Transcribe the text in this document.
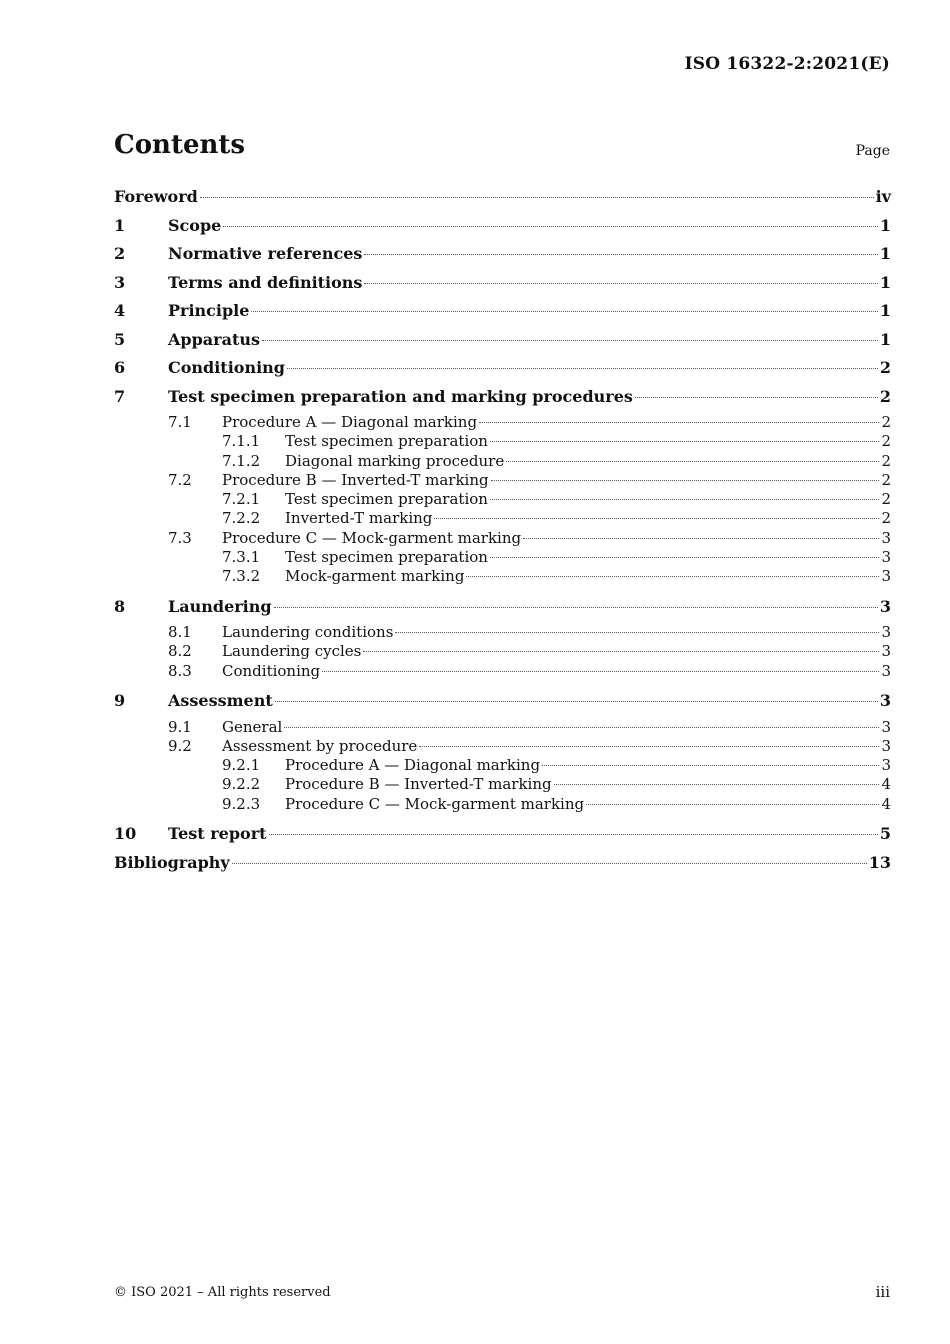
ISO 16322-2:2021(E)
Contents	Page
Foreword	iv
1	Scope	1
2	Normative references	1
3	Terms and definitions	1
4	Principle	1
5	Apparatus	1
6	Conditioning	2
7	Test specimen preparation and marking procedures	2
7.1 Procedure A — Diagonal marking	2
7.1.1 Test specimen preparation	2
7.1.2 Diagonal marking procedure	2
7.2 Procedure B — Inverted-T marking	2
7.2.1 Test specimen preparation	2
7.2.2 Inverted-T marking	2
7.3 Procedure C — Mock-garment marking	3
7.3.1 Test specimen preparation	3
7.3.2 Mock-garment marking	3
8	Laundering	3
8.1 Laundering conditions	3
8.2 Laundering cycles	3
8.3 Conditioning	3
9	Assessment	3
9.1 General	3
9.2 Assessment by procedure	3
9.2.1 Procedure A — Diagonal marking	3
9.2.2 Procedure B — Inverted-T marking	4
9.2.3 Procedure C — Mock-garment marking	4
10 Test report	5
Bibliography	13
© ISO 2021 – All rights reserved	iii
